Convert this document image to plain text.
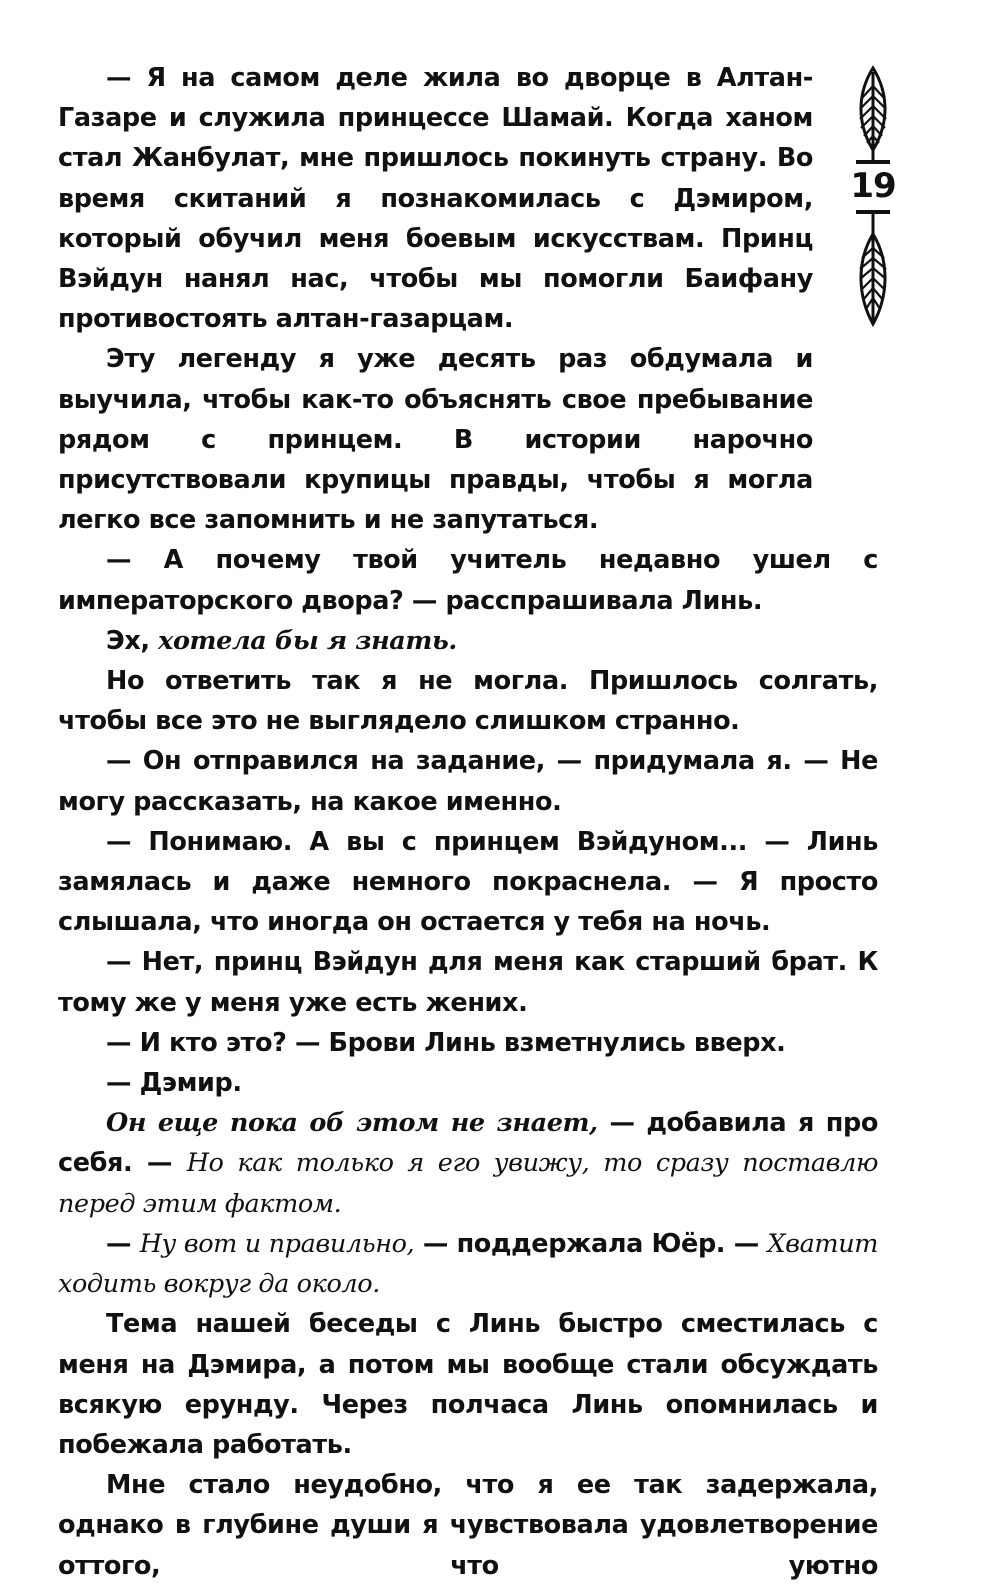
— Я на самом деле жила во дворце в Алтан-Газаре и служила принцессе Шамай. Когда ханом стал Жанбулат, мне пришлось покинуть страну. Во время скитаний я познакомилась с Дэмиром, который обучил меня боевым искусствам. Принц Вэйдун нанял нас, чтобы мы помогли Баифану противостоять алтан-газарцам.

Эту легенду я уже десять раз обдумала и выучила, чтобы как-то объяснять свое пребывание рядом с принцем. В истории нарочно присутствовали крупицы правды, чтобы я могла легко все запомнить и не запутаться.

— А почему твой учитель недавно ушел с императорского двора? — расспрашивала Линь.

Эх, хотела бы я знать.

Но ответить так я не могла. Пришлось солгать, чтобы все это не выглядело слишком странно.

— Он отправился на задание, — придумала я. — Не могу рассказать, на какое именно.

— Понимаю. А вы с принцем Вэйдуном... — Линь замялась и даже немного покраснела. — Я просто слышала, что иногда он остается у тебя на ночь.

— Нет, принц Вэйдун для меня как старший брат. К тому же у меня уже есть жених.

— И кто это? — Брови Линь взметнулись вверх.

— Дэмир.

Он еще пока об этом не знает, — добавила я про себя. — Но как только я его увижу, то сразу поставлю перед этим фактом.

— Ну вот и правильно, — поддержала Юёр. — Хватит ходить вокруг да около.

Тема нашей беседы с Линь быстро сместилась с меня на Дэмира, а потом мы вообще стали обсуждать всякую ерунду. Через полчаса Линь опомнилась и побежала работать.

Мне стало неудобно, что я ее так задержала, однако в глубине души я чувствовала удовлетворение оттого, что уютно

19
